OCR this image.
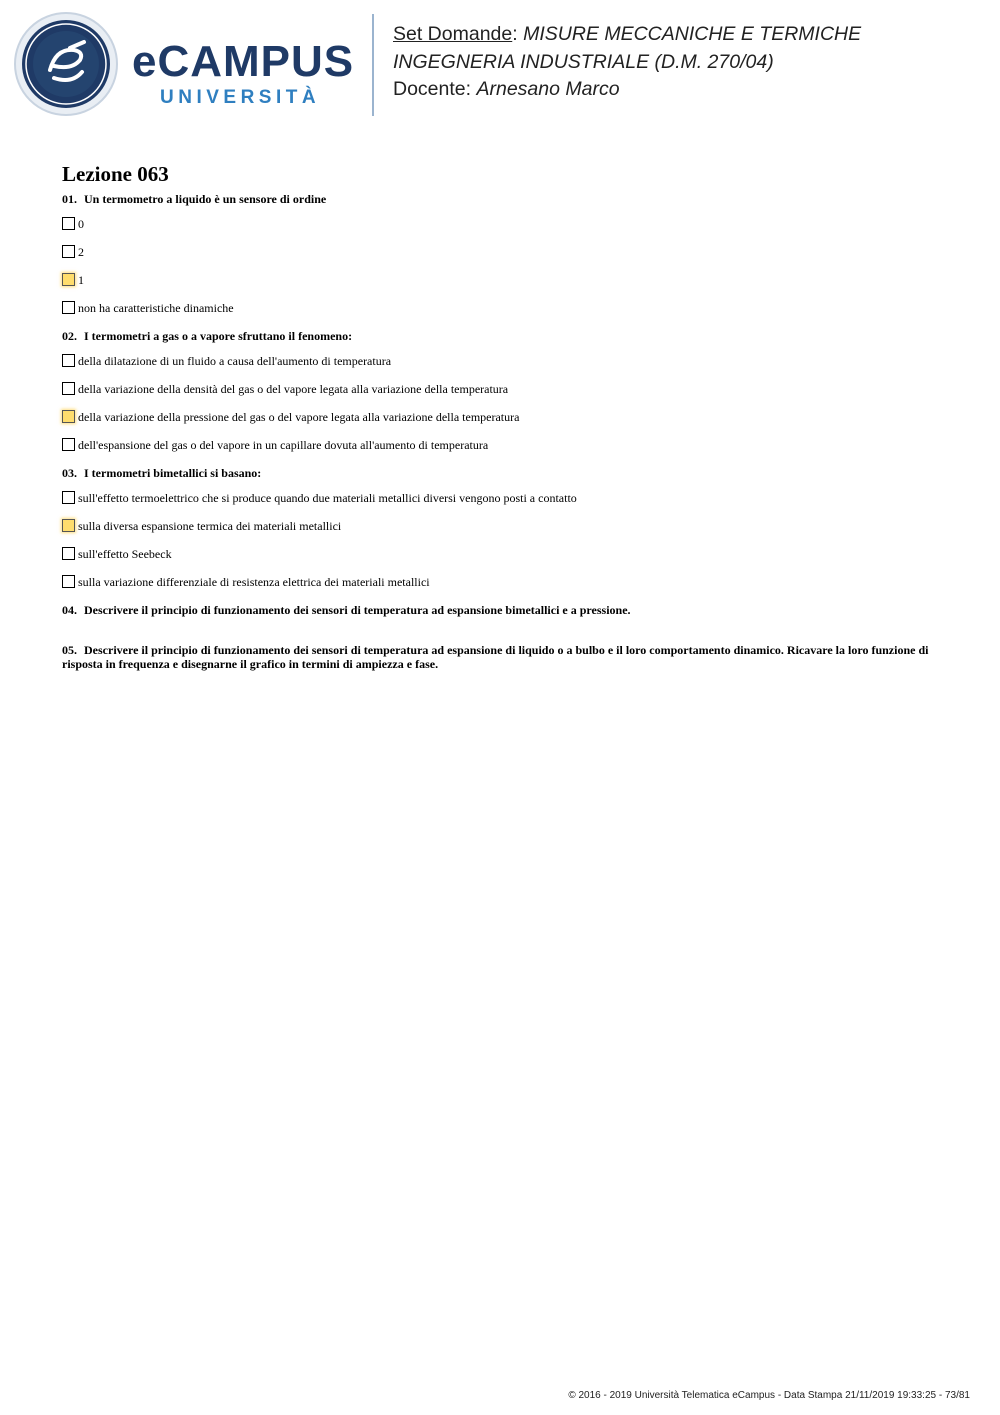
eCAMPUS
UNIVERSITÀ
Set Domande: MISURE MECCANICHE E TERMICHE
INGEGNERIA INDUSTRIALE (D.M. 270/04)
Docente: Arnesano Marco
Lezione 063
01. Un termometro a liquido è un sensore di ordine
0
2
1
non ha caratteristiche dinamiche
02. I termometri a gas o a vapore sfruttano il fenomeno:
della dilatazione di un fluido a causa dell'aumento di temperatura
della variazione della densità del gas o del vapore legata alla variazione della temperatura
della variazione della pressione del gas o del vapore legata alla variazione della temperatura
dell'espansione del gas o del vapore in un capillare dovuta all'aumento di temperatura
03. I termometri bimetallici si basano:
sull'effetto termoelettrico che si produce quando due materiali metallici diversi vengono posti a contatto
sulla diversa espansione termica dei materiali metallici
sull'effetto Seebeck
sulla variazione differenziale di resistenza elettrica dei materiali metallici
04. Descrivere il principio di funzionamento dei sensori di temperatura ad espansione bimetallici e a pressione.
05. Descrivere il principio di funzionamento dei sensori di temperatura ad espansione di liquido o a bulbo e il loro comportamento dinamico. Ricavare la loro funzione di risposta in frequenza e disegnarne il grafico in termini di ampiezza e fase.
© 2016 - 2019 Università Telematica eCampus - Data Stampa 21/11/2019 19:33:25 - 73/81
